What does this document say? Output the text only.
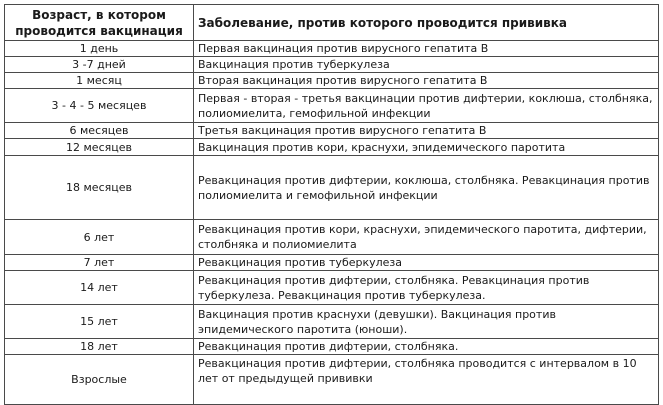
Возраст, в котором проводится вакцинация	Заболевание, против которого проводится прививка
1 день	Первая вакцинация против вирусного гепатита В
3 -7 дней	Вакцинация против туберкулеза
1 месяц	Вторая вакцинация против вирусного гепатита В
3 - 4 - 5 месяцев	Первая - вторая - третья вакцинации против дифтерии, коклюша, столбняка, полиомиелита, гемофильной инфекции
6 месяцев	Третья вакцинация против вирусного гепатита В
12 месяцев	Вакцинация против кори, краснухи, эпидемического паротита
18 месяцев	Ревакцинация против дифтерии, коклюша, столбняка. Ревакцинация против полиомиелита и гемофильной инфекции
6 лет	Ревакцинация против кори, краснухи, эпидемического паротита, дифтерии, столбняка и полиомиелита
7 лет	Ревакцинация против туберкулеза
14 лет	Ревакцинация против дифтерии, столбняка. Ревакцинация против туберкулеза. Ревакцинация против туберкулеза.
15 лет	Вакцинация против краснухи (девушки). Вакцинация против эпидемического паротита (юноши).
18 лет	Ревакцинация против дифтерии, столбняка.
Взрослые	Ревакцинация против дифтерии, столбняка проводится с интервалом в 10 лет от предыдущей прививки
